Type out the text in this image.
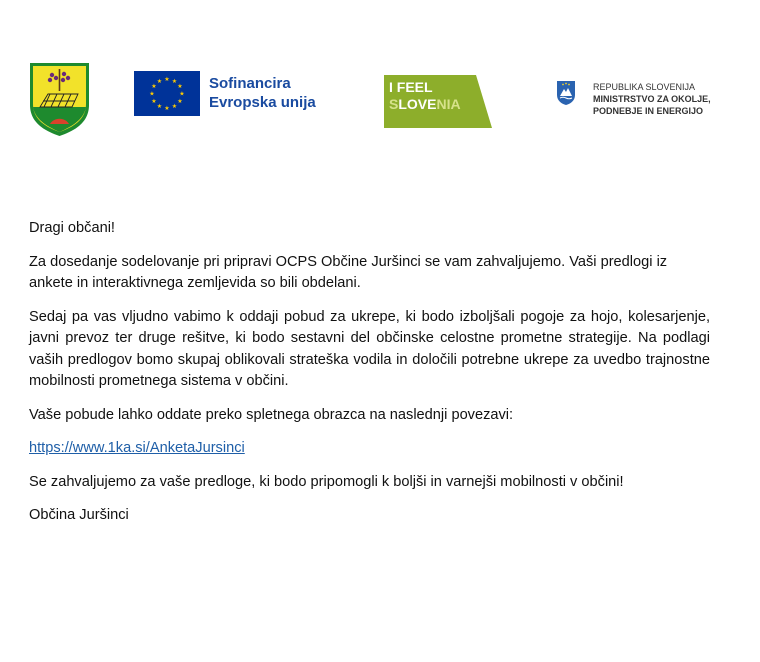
★ ★
★
★
★
★
★
★
★
★
★
★	Sofinancira
Evropska unija
I FEEL
SLOVENIA
REPUBLIKA SLOVENIJA
MINISTRSTVO ZA OKOLJE,
PODNEBJE IN ENERGIJO

Dragi občani!

Za dosedanje sodelovanje pri pripravi OCPS Občine Juršinci se vam zahvaljujemo. Vaši predlogi iz ankete in interaktivnega zemljevida so bili obdelani.

Sedaj pa vas vljudno vabimo k oddaji pobud za ukrepe, ki bodo izboljšali pogoje za hojo, kolesarjenje, javni prevoz ter druge rešitve, ki bodo sestavni del občinske celostne prometne strategije. Na podlagi vaših predlogov bomo skupaj oblikovali strateška vodila in določili potrebne ukrepe za uvedbo trajnostne mobilnosti prometnega sistema v občini.

Vaše pobude lahko oddate preko spletnega obrazca na naslednji povezavi:

https://www.1ka.si/AnketaJursinci

Se zahvaljujemo za vaše predloge, ki bodo pripomogli k boljši in varnejši mobilnosti v občini!

Občina Juršinci
